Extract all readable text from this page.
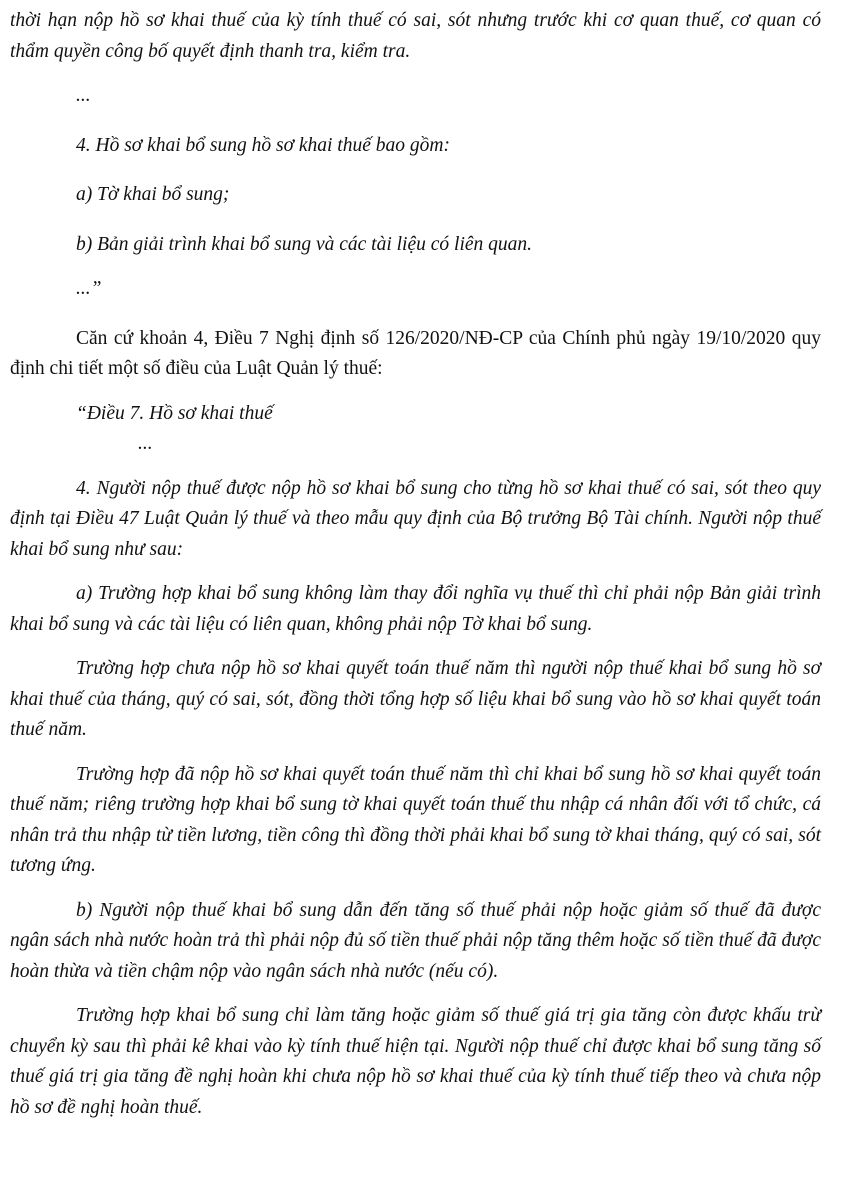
thời hạn nộp hồ sơ khai thuế của kỳ tính thuế có sai, sót nhưng trước khi cơ quan thuế, cơ quan có thẩm quyền công bố quyết định thanh tra, kiểm tra.

...

4. Hồ sơ khai bổ sung hồ sơ khai thuế bao gồm:

a) Tờ khai bổ sung;

b) Bản giải trình khai bổ sung và các tài liệu có liên quan.

...”

Căn cứ khoản 4, Điều 7 Nghị định số 126/2020/NĐ-CP của Chính phủ ngày 19/10/2020 quy định chi tiết một số điều của Luật Quản lý thuế:

“Điều 7. Hồ sơ khai thuế

...

4. Người nộp thuế được nộp hồ sơ khai bổ sung cho từng hồ sơ khai thuế có sai, sót theo quy định tại Điều 47 Luật Quản lý thuế và theo mẫu quy định của Bộ trưởng Bộ Tài chính. Người nộp thuế khai bổ sung như sau:

a) Trường hợp khai bổ sung không làm thay đổi nghĩa vụ thuế thì chỉ phải nộp Bản giải trình khai bổ sung và các tài liệu có liên quan, không phải nộp Tờ khai bổ sung.

Trường hợp chưa nộp hồ sơ khai quyết toán thuế năm thì người nộp thuế khai bổ sung hồ sơ khai thuế của tháng, quý có sai, sót, đồng thời tổng hợp số liệu khai bổ sung vào hồ sơ khai quyết toán thuế năm.

Trường hợp đã nộp hồ sơ khai quyết toán thuế năm thì chỉ khai bổ sung hồ sơ khai quyết toán thuế năm; riêng trường hợp khai bổ sung tờ khai quyết toán thuế thu nhập cá nhân đối với tổ chức, cá nhân trả thu nhập từ tiền lương, tiền công thì đồng thời phải khai bổ sung tờ khai tháng, quý có sai, sót tương ứng.

b) Người nộp thuế khai bổ sung dẫn đến tăng số thuế phải nộp hoặc giảm số thuế đã được ngân sách nhà nước hoàn trả thì phải nộp đủ số tiền thuế phải nộp tăng thêm hoặc số tiền thuế đã được hoàn thừa và tiền chậm nộp vào ngân sách nhà nước (nếu có).

Trường hợp khai bổ sung chỉ làm tăng hoặc giảm số thuế giá trị gia tăng còn được khấu trừ chuyển kỳ sau thì phải kê khai vào kỳ tính thuế hiện tại. Người nộp thuế chỉ được khai bổ sung tăng số thuế giá trị gia tăng đề nghị hoàn khi chưa nộp hồ sơ khai thuế của kỳ tính thuế tiếp theo và chưa nộp hồ sơ đề nghị hoàn thuế.
